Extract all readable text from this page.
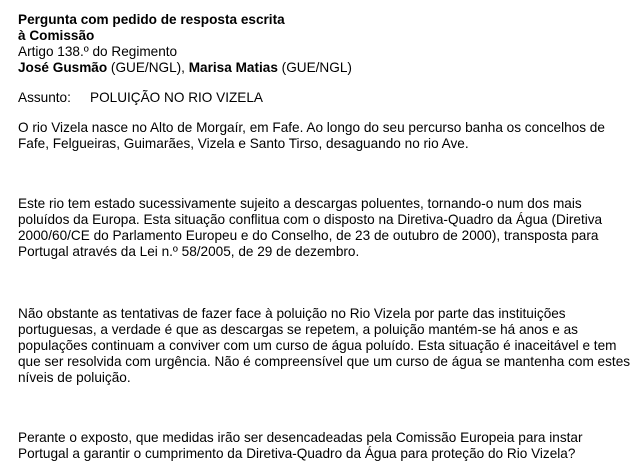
Pergunta com pedido de resposta escrita
à Comissão
Artigo 138.º do Regimento
José Gusmão (GUE/NGL), Marisa Matias (GUE/NGL)
Assunto: POLUIÇÃO NO RIO VIZELA

O rio Vizela nasce no Alto de Morgaír, em Fafe. Ao longo do seu percurso banha os concelhos de

Fafe, Felgueiras, Guimarães, Vizela e Santo Tirso, desaguando no rio Ave.

Este rio tem estado sucessivamente sujeito a descargas poluentes, tornando-o num dos mais

poluídos da Europa. Esta situação conflitua com o disposto na Diretiva-Quadro da Água (Diretiva

2000/60/CE do Parlamento Europeu e do Conselho, de 23 de outubro de 2000), transposta para

Portugal através da Lei n.º 58/2005, de 29 de dezembro.

Não obstante as tentativas de fazer face à poluição no Rio Vizela por parte das instituições

portuguesas, a verdade é que as descargas se repetem, a poluição mantém-se há anos e as

populações continuam a conviver com um curso de água poluído. Esta situação é inaceitável e tem

que ser resolvida com urgência. Não é compreensível que um curso de água se mantenha com estes

níveis de poluição.

Perante o exposto, que medidas irão ser desencadeadas pela Comissão Europeia para instar

Portugal a garantir o cumprimento da Diretiva-Quadro da Água para proteção do Rio Vizela?
